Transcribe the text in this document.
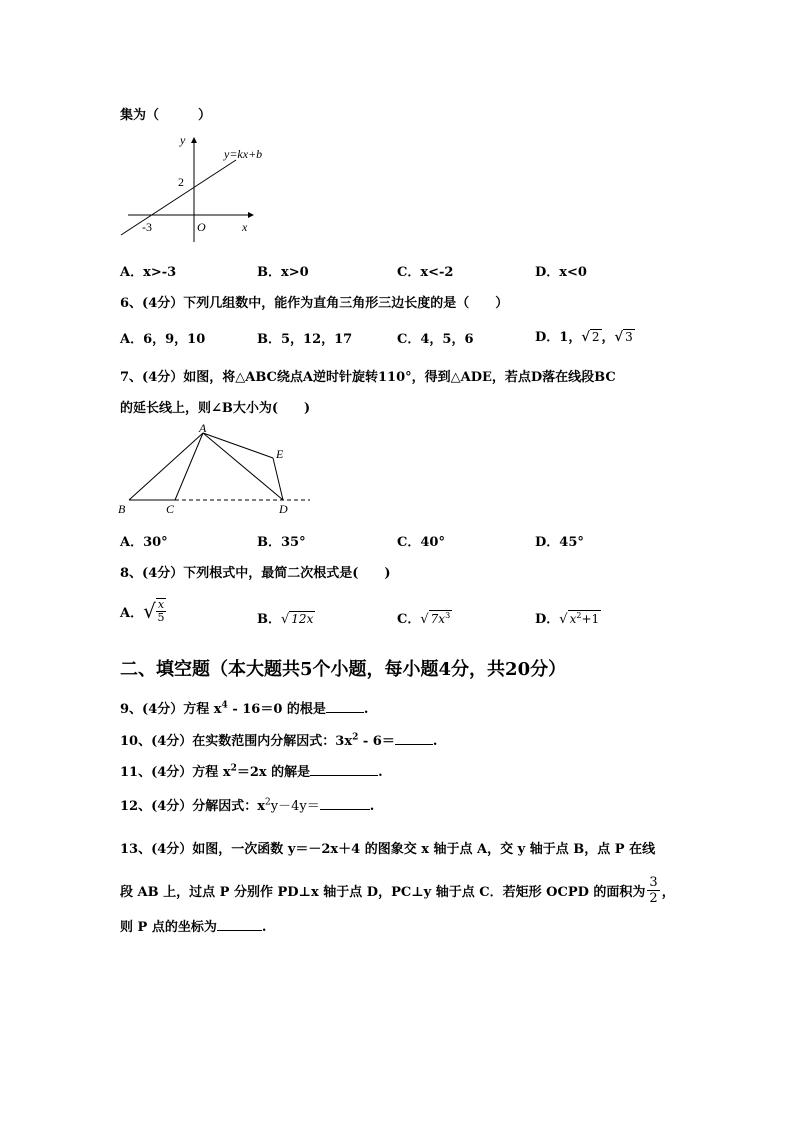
集为（　　　）
y
x
O
y=kx+b
2
-3
A．x>-3	B．x>0	C．x<-2	D．x<0
6、(4分）下列几组数中，能作为直角三角形三边长度的是（　　）
A．6，9，10	B．5，12，17	C．4，5，6	D．1，√ 2 ，√ 3
7、(4分）如图，将△ABC绕点A逆时针旋转110°，得到△ADE，若点D落在线段BC
的延长线上，则∠B大小为(　　)
A
B	C	D
E
A．30°	B．35°	C．40°	D．45°
8、(4分）下列根式中，最简二次根式是(　　)
A． √ $\frac{x}{5}$	B．√ 12x	C．√ $7x^3$	D．√ $x^2+1$
二、填空题（本大题共5个小题，每小题4分，共20分）
9、(4分）方程 $x^4 - 16=0$ 的根是	.
10、(4分）在实数范围内分解因式：$3x^2 - 6=$	.
11、(4分）方程 $x^2=2x$ 的解是	.
12、(4分）分解因式：$x^2y-4y=$	.
13、(4分）如图，一次函数 y＝－2x＋4 的图象交 x 轴于点 A，交 y 轴于点 B，点 P 在线
段 AB 上，过点 P 分别作 PD⊥x 轴于点 D，PC⊥y 轴于点 C．若矩形 OCPD 的面积为 $\frac{3}{2}$ ，
则 P 点的坐标为	.
